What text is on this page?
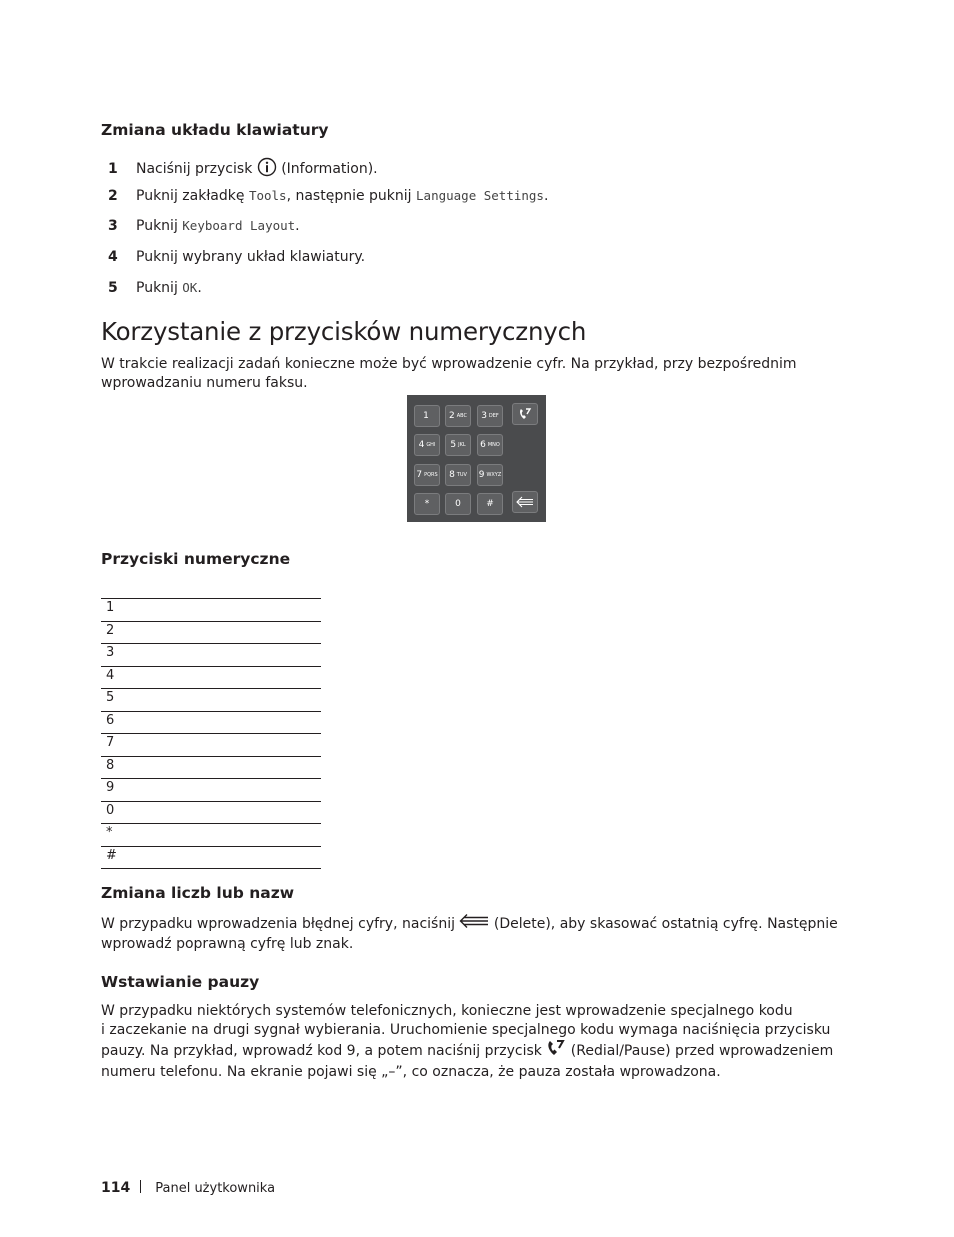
Zmiana układu klawiatury
1 Naciśnij przycisk  (Information).
2 Puknij zakładkę Tools, następnie puknij Language Settings.
3 Puknij Keyboard Layout.
4 Puknij wybrany układ klawiatury.
5 Puknij OK.
Korzystanie z przycisków numerycznych
W trakcie realizacji zadań konieczne może być wprowadzenie cyfr. Na przykład, przy bezpośrednim
wprowadzaniu numeru faksu.
1 2 ABC 3 DEF
4 GHI 5 JKL 6 MNO
7 PQRS 8 TUV 9 WXYZ
*	0	#
Przyciski numeryczne
1
2
3
4
5
6
7
8
9
0
*
#
Zmiana liczb lub nazw
W przypadku wprowadzenia błędnej cyfry, naciśnij  (Delete), aby skasować ostatnią cyfrę. Następnie
wprowadź poprawną cyfrę lub znak.
Wstawianie pauzy
W przypadku niektórych systemów telefonicznych, konieczne jest wprowadzenie specjalnego kodu
i zaczekanie na drugi sygnał wybierania. Uruchomienie specjalnego kodu wymaga naciśnięcia przycisku
pauzy. Na przykład, wprowadź kod 9, a potem naciśnij przycisk  (Redial/Pause) przed wprowadzeniem
numeru telefonu. Na ekranie pojawi się „–”, co oznacza, że pauza została wprowadzona.
114 Panel użytkownika
